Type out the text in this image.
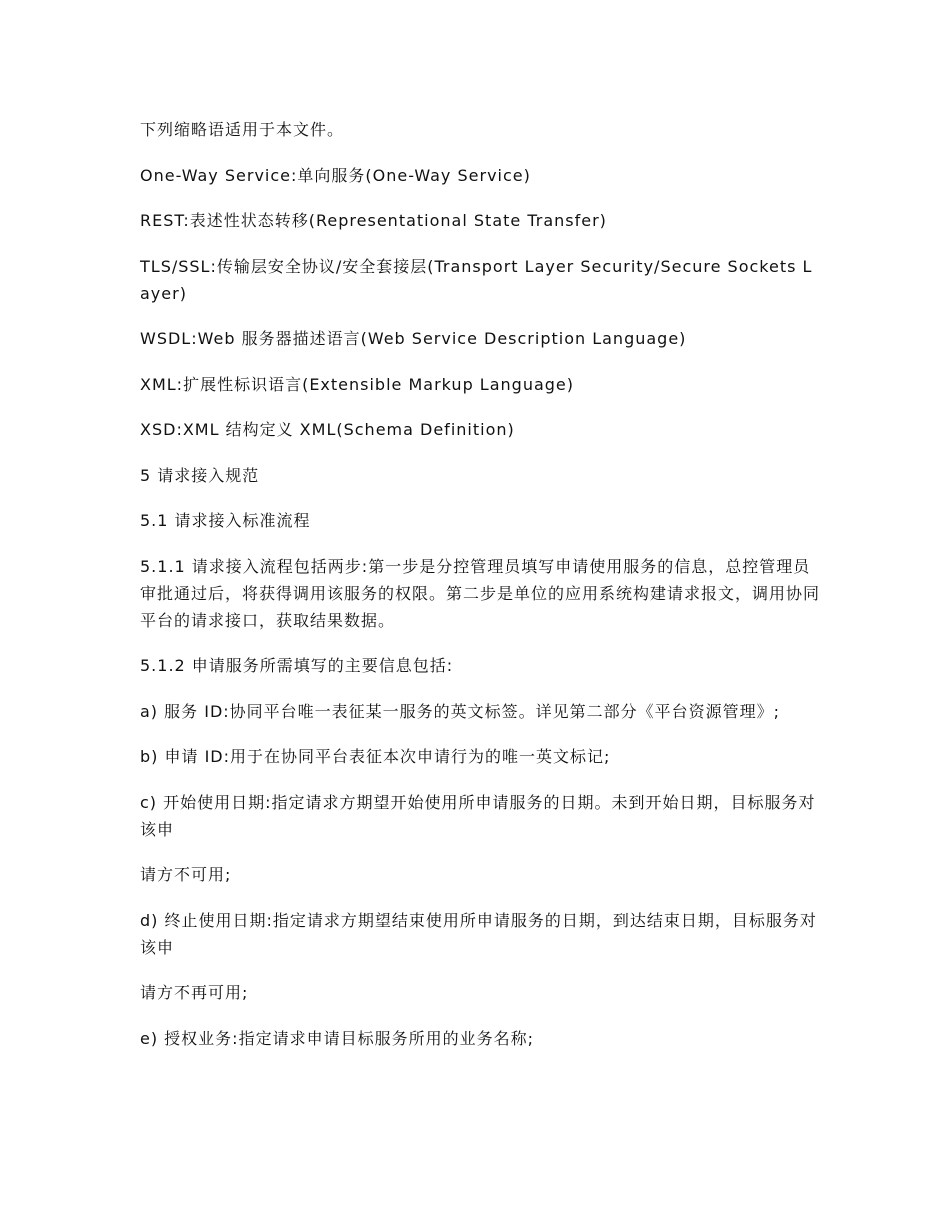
下列缩略语适用于本文件。

One-Way Service:单向服务(One-Way Service)

REST:表述性状态转移(Representational State Transfer)

TLS/SSL:传输层安全协议/安全套接层(Transport Layer Security/Secure Sockets Layer)

WSDL:Web 服务器描述语言(Web Service Description Language)

XML:扩展性标识语言(Extensible Markup Language)

XSD:XML 结构定义 XML(Schema Definition)

5 请求接入规范

5.1 请求接入标准流程

5.1.1 请求接入流程包括两步:第一步是分控管理员填写申请使用服务的信息，总控管理员审批通过后，将获得调用该服务的权限。第二步是单位的应用系统构建请求报文，调用协同平台的请求接口，获取结果数据。

5.1.2 申请服务所需填写的主要信息包括:

a) 服务 ID:协同平台唯一表征某一服务的英文标签。详见第二部分《平台资源管理》;

b) 申请 ID:用于在协同平台表征本次申请行为的唯一英文标记;

c) 开始使用日期:指定请求方期望开始使用所申请服务的日期。未到开始日期，目标服务对该申

请方不可用;

d) 终止使用日期:指定请求方期望结束使用所申请服务的日期，到达结束日期，目标服务对该申

请方不再可用;

e) 授权业务:指定请求申请目标服务所用的业务名称;
